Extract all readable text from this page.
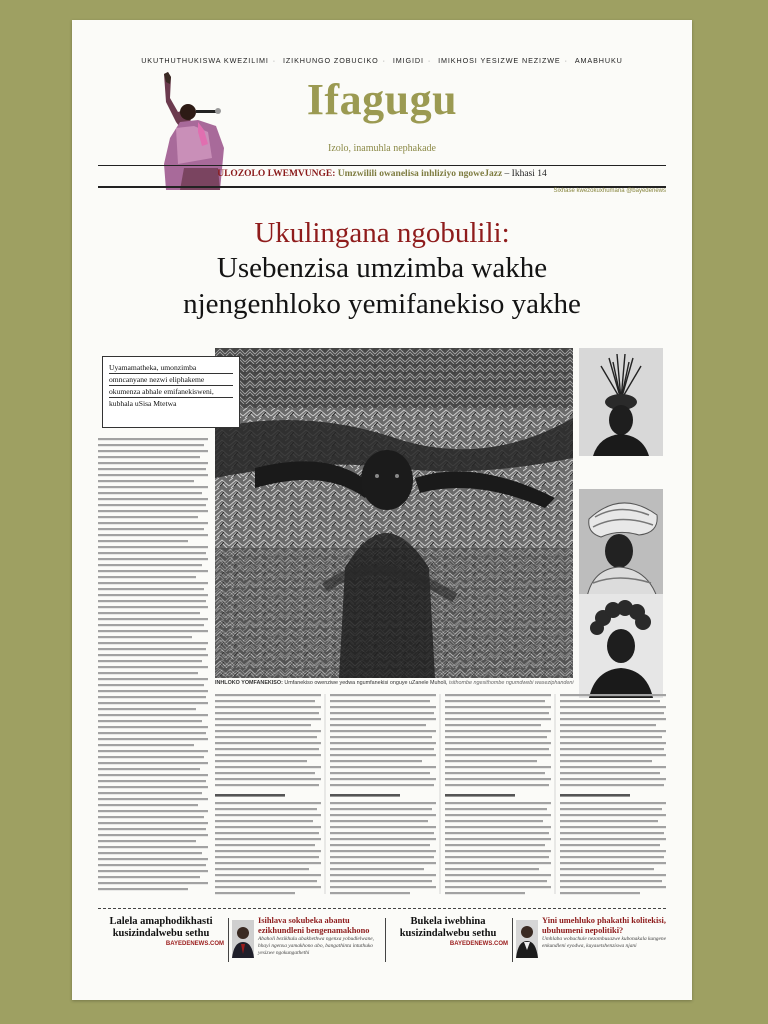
UKUTHUTHUKISWA KWEZILIMI · IZIKHUNGO ZOBUCIKO · IMIGIDI · IMIKHOSI YESIZWE NEZIZWE · AMABHUKU
Ifagugu
Izolo, inamuhla nephakade
ULOZOLO LWEMVUNGE: Umzwilili owanelisa inhliziyo ngoweJazz – Ikhasi 14
Sixhase kwezokuxhumana @bayedenews
Ukulingana ngobulili:
Usebenzisa umzimba wakhe
njengenhloko yemifanekiso yakhe
Uyamamatheka, umonzimba
omncanyane nezwi eliphakeme
okumenza abhale emifanekisweni,
kubhala uSisa Mtetwa
INHLOKO YOMFANEKISO: Umfanekiso owenziwe yedwa ngumfanekisi onguye uZanele Muholi, isithombe ngesithombe ngumdwebi waseziphandeni
Lalela amaphodikhasti
kusizindalwebu sethu
BAYEDENEWS.COM
Isihlava sokubeka abantu ezikhundleni bengenamakhono
Abaholi bezikhulu abakhethwa ngenxa yobudlelwane, hhayi ngenxa yamakhono abo, bangathinta intuthuko yesizwe ngokungathethi
Bukela iwebhina
kusizindalwebu sethu
BAYEDENEWS.COM
Yini umehluko phakathi kolitekisi, ubuhumeni nepolitiki?
Umhlaba wobuchule nezombusazwe kubonakala kungene enkundleni eyodwa, kuyasetshenziswa njani
